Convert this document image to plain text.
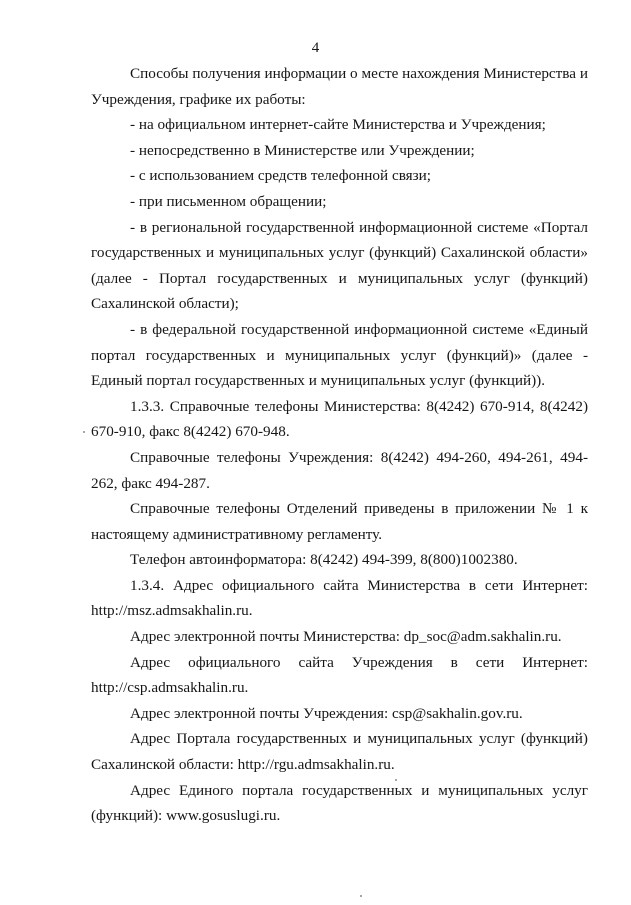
4

Способы получения информации о месте нахождения Министерства и Учреждения, графике их работы:

- на официальном интернет-сайте Министерства и Учреждения;

- непосредственно в Министерстве или Учреждении;

- с использованием средств телефонной связи;

- при письменном обращении;

- в региональной государственной информационной системе «Портал государственных и муниципальных услуг (функций) Сахалинской области» (далее - Портал государственных и муниципальных услуг (функций) Сахалинской области);

- в федеральной государственной информационной системе «Единый портал государственных и муниципальных услуг (функций)» (далее - Единый портал государственных и муниципальных услуг (функций)).

1.3.3. Справочные телефоны Министерства: 8(4242) 670-914, 8(4242) 670-910, факс 8(4242) 670-948.

Справочные телефоны Учреждения: 8(4242) 494-260, 494-261, 494-262, факс 494-287.

Справочные телефоны Отделений приведены в приложении № 1 к настоящему административному регламенту.

Телефон автоинформатора: 8(4242) 494-399, 8(800)1002380.

1.3.4. Адрес официального сайта Министерства в сети Интернет: http://msz.admsakhalin.ru.

Адрес электронной почты Министерства: dp_soc@adm.sakhalin.ru.

Адрес официального сайта Учреждения в сети Интернет: http://csp.admsakhalin.ru.

Адрес электронной почты Учреждения: csp@sakhalin.gov.ru.

Адрес Портала государственных и муниципальных услуг (функций) Сахалинской области: http://rgu.admsakhalin.ru.

Адрес Единого портала государственных и муниципальных услуг (функций): www.gosuslugi.ru.
